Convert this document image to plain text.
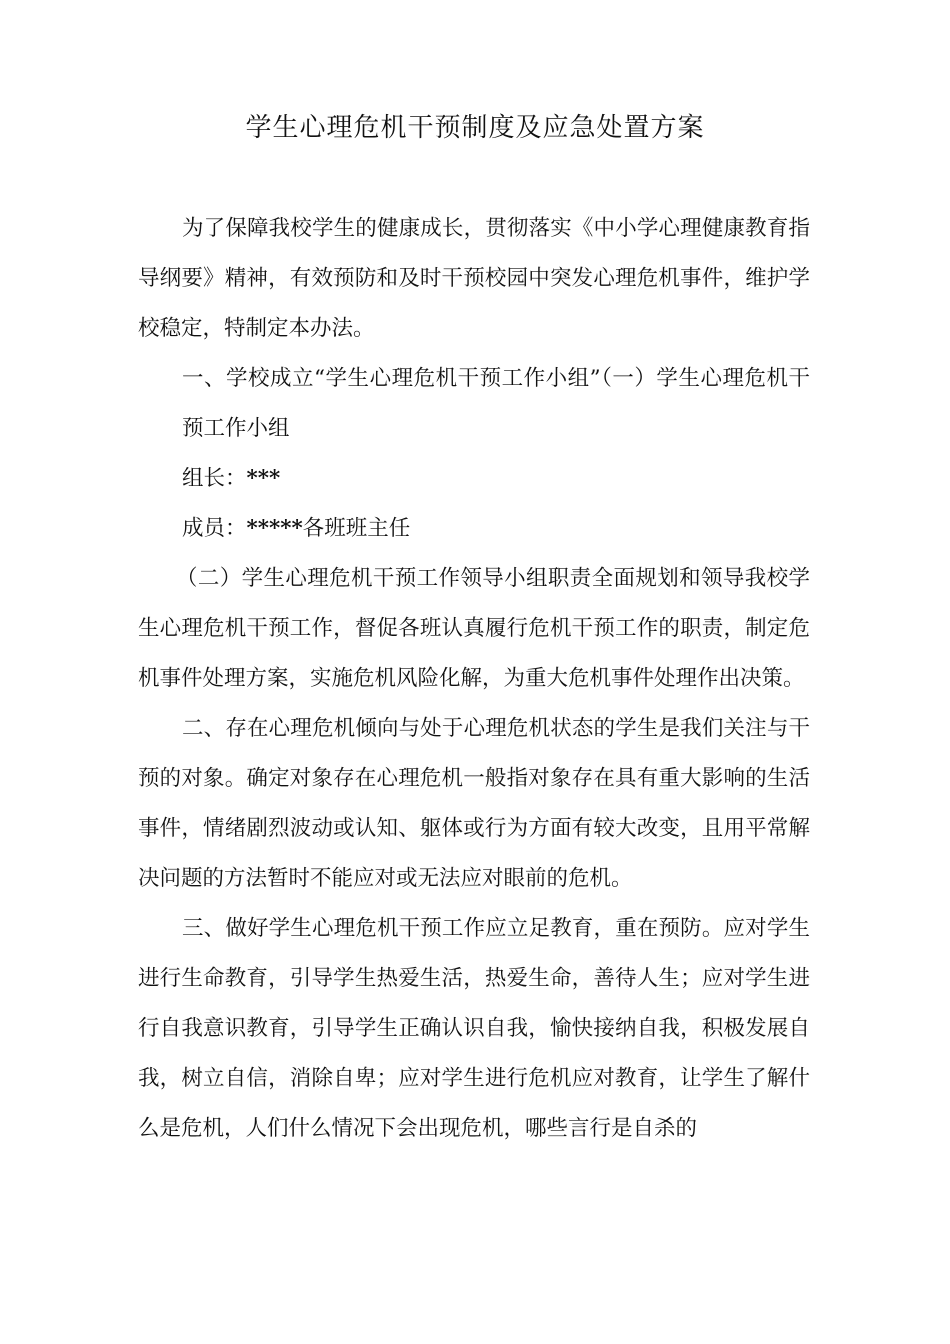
学生心理危机干预制度及应急处置方案

为了保障我校学生的健康成长，贯彻落实《中小学心理健康教育指导纲要》精神，有效预防和及时干预校园中突发心理危机事件，维护学校稳定，特制定本办法。

一、学校成立“学生心理危机干预工作小组”（一）学生心理危机干预工作小组

组长：***

成员：*****各班班主任

（二）学生心理危机干预工作领导小组职责全面规划和领导我校学生心理危机干预工作，督促各班认真履行危机干预工作的职责，制定危机事件处理方案，实施危机风险化解，为重大危机事件处理作出决策。

二、存在心理危机倾向与处于心理危机状态的学生是我们关注与干预的对象。确定对象存在心理危机一般指对象存在具有重大影响的生活事件，情绪剧烈波动或认知、躯体或行为方面有较大改变，且用平常解决问题的方法暂时不能应对或无法应对眼前的危机。

三、做好学生心理危机干预工作应立足教育，重在预防。应对学生进行生命教育，引导学生热爱生活，热爱生命，善待人生；应对学生进行自我意识教育，引导学生正确认识自我，愉快接纳自我，积极发展自我，树立自信，消除自卑；应对学生进行危机应对教育，让学生了解什么是危机，人们什么情况下会出现危机，哪些言行是自杀的
